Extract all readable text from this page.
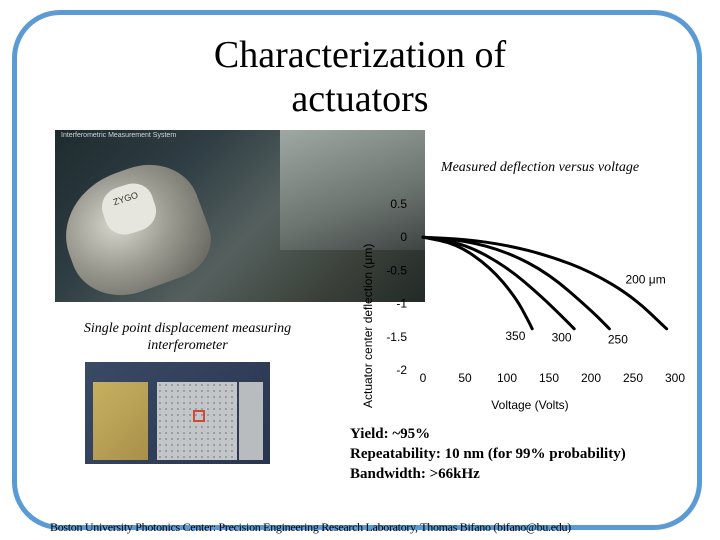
Characterization of
actuators
ZYGO
Interferometric Measurement System
Single point displacement measuring
interferometer
Measured deflection versus voltage
0.5
0
-0.5
-1
-1.5
-2
0	50 100 150 200 250 300
200 μm
350 300	250
Actuator center deflection (μm)	Voltage (Volts)
Yield: ~95%
Repeatability: 10 nm (for 99% probability)
Bandwidth: >66kHz
Boston University Photonics Center: Precision Engineering Research Laboratory, Thomas Bifano (bifano@bu.edu)
